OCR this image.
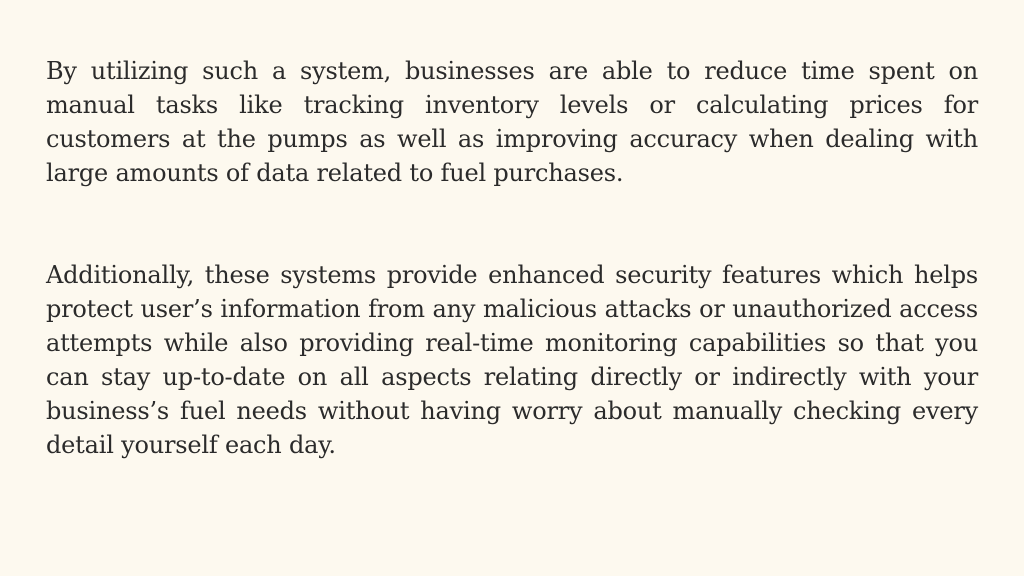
By utilizing such a system, businesses are able to reduce time spent on manual tasks like tracking inventory levels or calculating prices for customers at the pumps as well as improving accuracy when dealing with large amounts of data related to fuel purchases.

Additionally, these systems provide enhanced security features which helps protect user’s information from any malicious attacks or unauthorized access attempts while also providing real-time monitoring capabilities so that you can stay up-to-date on all aspects relating directly or indirectly with your business’s fuel needs without having worry about manually checking every detail yourself each day.
